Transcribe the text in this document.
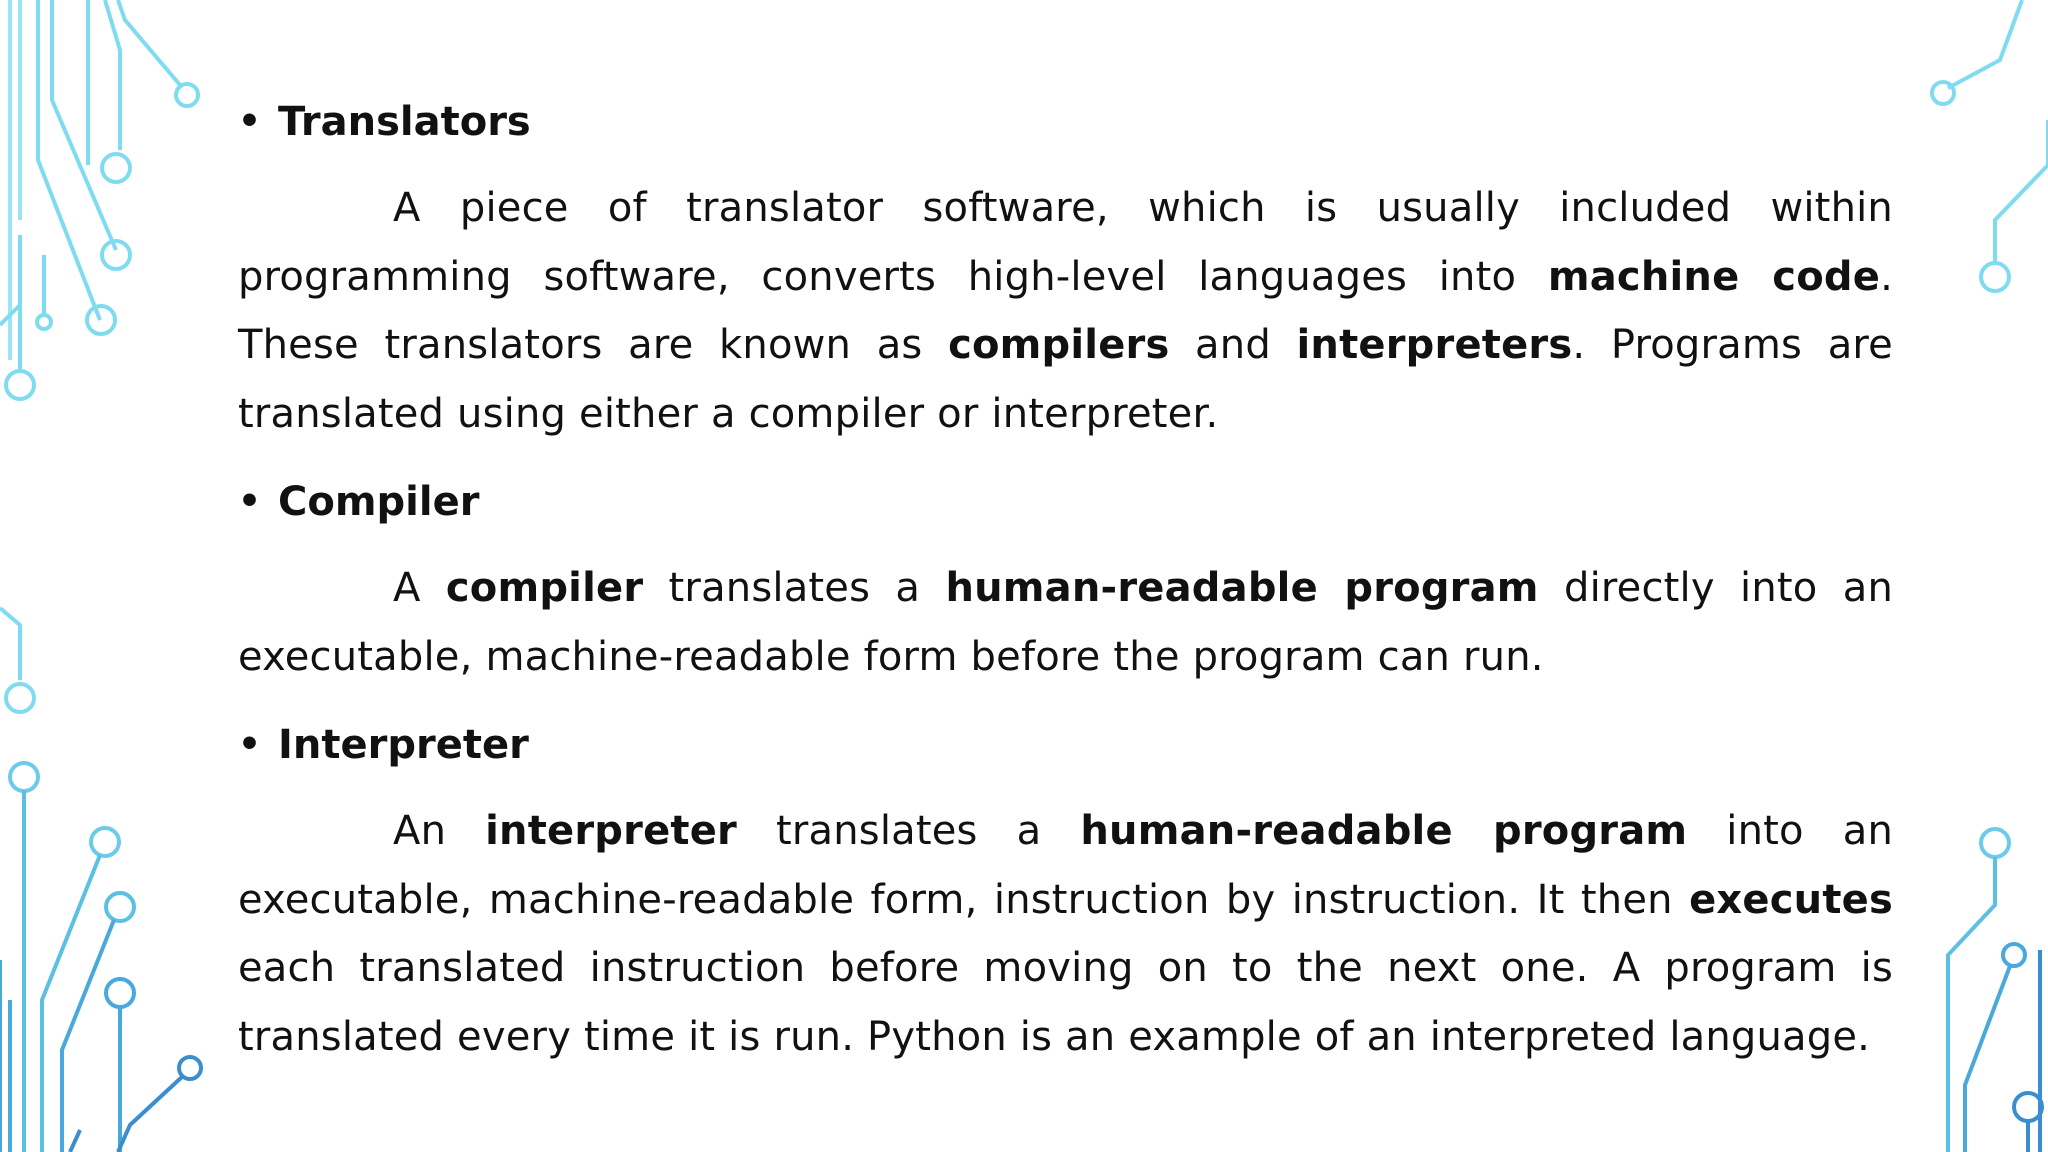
• Translators

A piece of translator software, which is usually included within programming software, converts high-level languages into machine code. These translators are known as compilers and interpreters. Programs are translated using either a compiler or interpreter.

• Compiler

A compiler translates a human-readable program directly into an executable, machine-readable form before the program can run.

• Interpreter

An interpreter translates a human-readable program into an executable, machine-readable form, instruction by instruction. It then executes each translated instruction before moving on to the next one. A program is translated every time it is run. Python is an example of an interpreted language.
